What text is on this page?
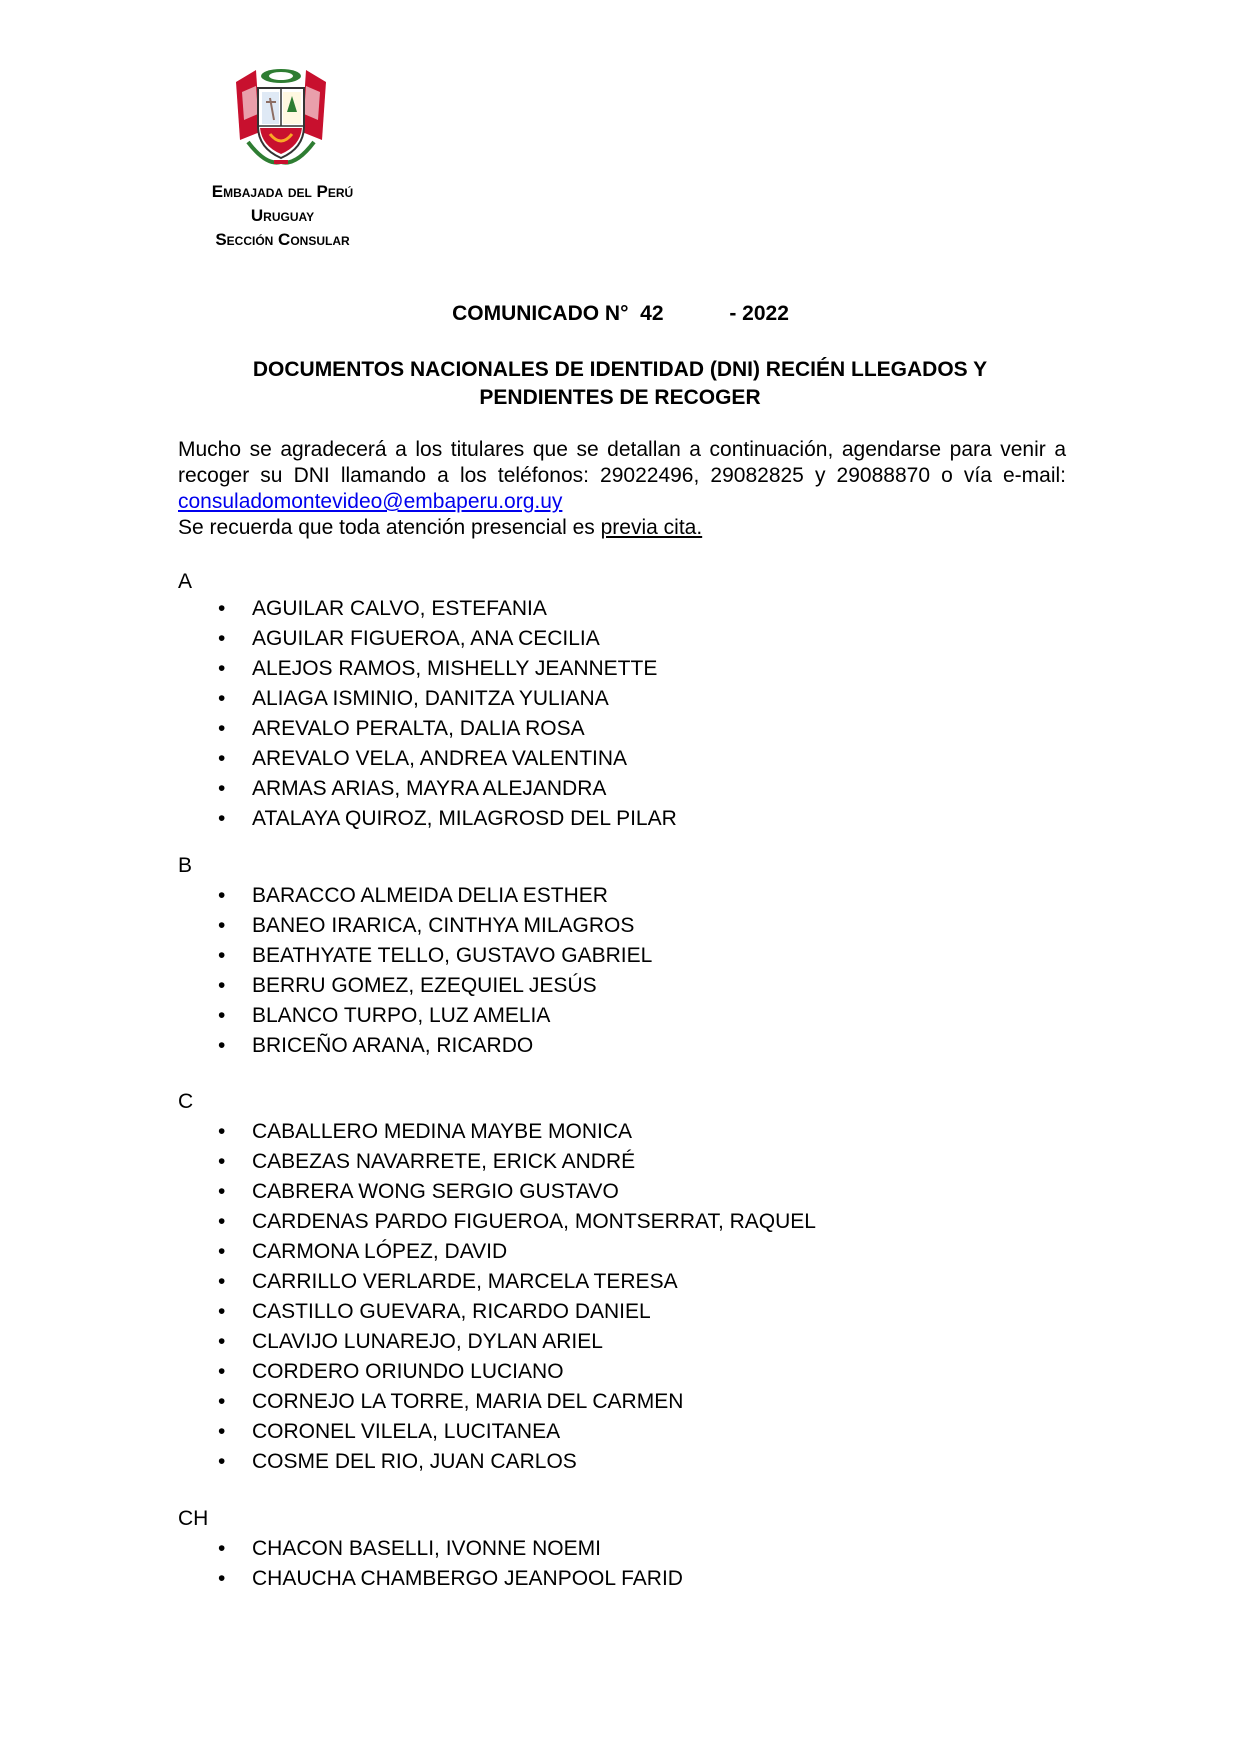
Embajada del Perú
Uruguay
Sección Consular
COMUNICADO N° 42	- 2022
DOCUMENTOS NACIONALES DE IDENTIDAD (DNI) RECIÉN LLEGADOS Y
PENDIENTES DE RECOGER
Mucho se agradecerá a los titulares que se detallan a continuación, agendarse para venir a recoger su DNI llamando a los teléfonos: 29022496, 29082825 y 29088870 o vía e-mail: consuladomontevideo@embaperu.org.uy
Se recuerda que toda atención presencial es previa cita.
A
• AGUILAR CALVO, ESTEFANIA
• AGUILAR FIGUEROA, ANA CECILIA
• ALEJOS RAMOS, MISHELLY JEANNETTE
• ALIAGA ISMINIO, DANITZA YULIANA
• AREVALO PERALTA, DALIA ROSA
• AREVALO VELA, ANDREA VALENTINA
• ARMAS ARIAS, MAYRA ALEJANDRA
• ATALAYA QUIROZ, MILAGROSD DEL PILAR
B
• BARACCO ALMEIDA DELIA ESTHER
• BANEO IRARICA, CINTHYA MILAGROS
• BEATHYATE TELLO, GUSTAVO GABRIEL
• BERRU GOMEZ, EZEQUIEL JESÚS
• BLANCO TURPO, LUZ AMELIA
• BRICEÑO ARANA, RICARDO
C
• CABALLERO MEDINA MAYBE MONICA
• CABEZAS NAVARRETE, ERICK ANDRÉ
• CABRERA WONG SERGIO GUSTAVO
• CARDENAS PARDO FIGUEROA, MONTSERRAT, RAQUEL
• CARMONA LÓPEZ, DAVID
• CARRILLO VERLARDE, MARCELA TERESA
• CASTILLO GUEVARA, RICARDO DANIEL
• CLAVIJO LUNAREJO, DYLAN ARIEL
• CORDERO ORIUNDO LUCIANO
• CORNEJO LA TORRE, MARIA DEL CARMEN
• CORONEL VILELA, LUCITANEA
• COSME DEL RIO, JUAN CARLOS
CH
• CHACON BASELLI, IVONNE NOEMI
• CHAUCHA CHAMBERGO JEANPOOL FARID
